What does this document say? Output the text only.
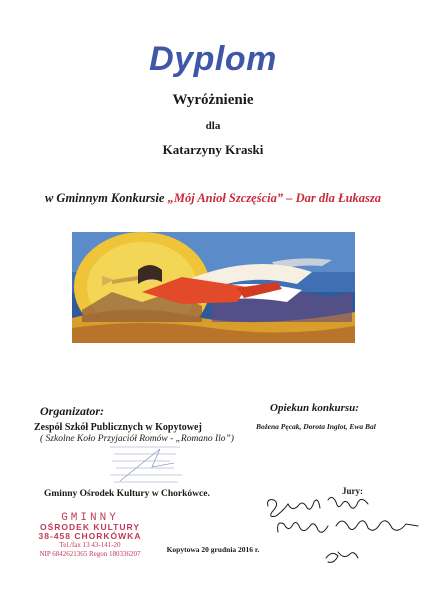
Dyplom
Wyróżnienie
dla
Katarzyny Kraski
w Gminnym Konkursie „Mój Anioł Szczęścia” – Dar dla Łukasza
Organizator:
Zespół Szkół Publicznych w Kopytowej
( Szkolne Koło Przyjaciół Romów - „Romano Ilo”)
Opiekun konkursu:
Bożena Pęcak, Dorota Inglot, Ewa Bal
Gminny Ośrodek Kultury w Chorkówce.	Jury:
GMINNY
OŚRODEK KULTURY
38-458 CHORKÓWKA
Tel./fax 13 43-141-20
NIP 6842621365 Regon 180336207	Kopytowa 20 grudnia 2016 r.
